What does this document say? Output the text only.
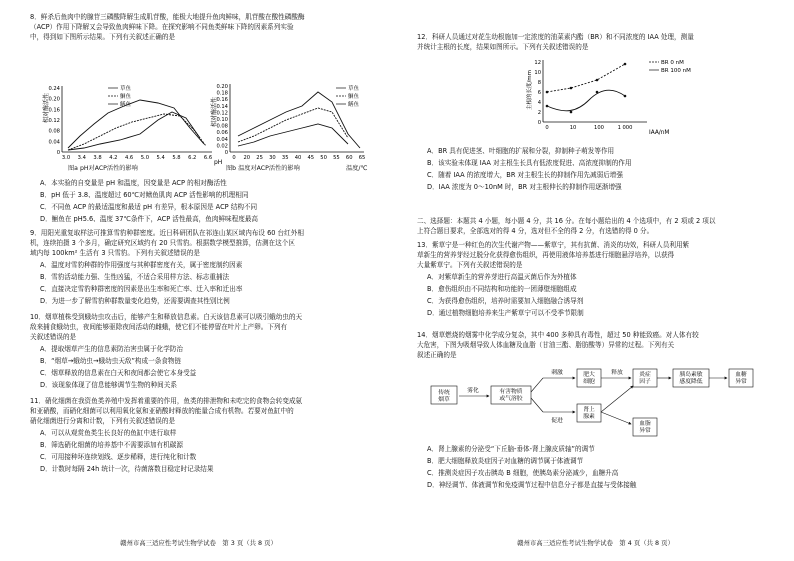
8．鲜杀后鱼肉中的腺苷三磷酸降解生成肌苷酸，能极大地提升鱼肉鲜味，肌苷酸在酸性磷酸酶
（ACP）作用下降解又会导致鱼肉鲜味下降。在探究影响不同鱼类鲜味下降的因素系列实验
中，得到如下图所示结果。下列有关叙述正确的是
0.24
0.20
0.16
0.12
0.08
0.04
0
3.0 3.4 3.8 4.2 4.6 5.0 5.4 5.8 6.2 6.6
相对酶活性
pH
草鱼
鮰鱼
鳝鱼
图a pH对ACP活性的影响
0.20
0.18
0.16
0.14
0.12
0.10
0.08
0.06
0.04
0.02
0
0 20 25 30 35 40 45 50 55 60 65
相对酶活性
草鱼
鮰鱼
鳝鱼
图b 温度对ACP活性的影响	温度/℃
A．本实验的自变量是 pH 和温度，因变量是 ACP 的相对酶活性
B．pH 低于 3.8、温度超过 60℃对鳝鱼肌肉 ACP 活性影响的机理相同
C．不同鱼 ACP 的最适温度和最适 pH 有差异，根本原因是 ACP 结构不同
D．鮰鱼在 pH5.6、温度 37℃条件下，ACP 活性最高，鱼肉鲜味程度最高
9．用阳光重复取样法可推算雪豹种群密度。近日科研团队在祁连山某区域内布设 60 台红外相
机，连续拍摄 3 个多月，确定研究区域约有 20 只雪豹。根据数学模型推算，估测在这个区
域内每 100km² 生活有 3 只雪豹。下列有关叙述错误的是
A．温度对雪豹种群的作用强度与其种群密度有关，属于密度制约因素
B．雪豹活动能力强、生性凶猛，不适合采用样方法、标志重捕法
C．直接决定雪豹种群密度的因素是出生率和死亡率、迁入率和迁出率
D．为进一步了解雪豹种群数量变化趋势，还需要调查其性别比例
10．烟草植株受到蛾幼虫攻击后，能够产生和释放信息素。白天该信息素可以吸引蛾幼虫的天
敌来捕食蛾幼虫，夜间能够驱除夜间活动的雌蛾，使它们不能停留在叶片上产卵。下列有
关叙述错误的是
A．提取烟草产生的信息素防治害虫属于化学防治
B．“烟草→蛾幼虫→蛾幼虫天敌”构成一条食物链
C．烟草释放的信息素在白天和夜间都会使它本身受益
D．该现象体现了信息能够调节生物的种间关系
11．硝化细菌在我资鱼类养殖中发挥着重要的作用，鱼类的排泄物和未吃完的食物会转变成氨
和亚硝酸，而硝化细菌可以利用氧化氨和亚硝酸时释放的能量合成有机物。若要对鱼缸中的
硝化细菌进行分离和计数，下列有关叙述错误的是
A．可以从观赏鱼类生长良好的鱼缸中进行取样
B．筛选硝化细菌的培养基中不需要添加有机碳源
C．可用接种环连续划线、逐步稀释，进行纯化和计数
D．计数时每隔 24h 统计一次，待菌落数目稳定时记录结果
赣州市高三适应性考试生物学试卷　第 3 页（共 8 页）
12．科研人员通过对花生幼根施加一定浓度的油菜素内酯（BR）和不同浓度的 IAA 处理，测量
并统计主根的长度，结果如图所示。下列有关叙述错误的是
12
10
8
6
4
2
0
0	10	100	1 000
主根的长度/mm
IAA/nM
BR 0 nM
BR 100 nM
A．BR 具有促进茎、叶细胞的扩展和分裂，抑制种子萌发等作用
B．该实验未体现 IAA 对主根生长具有低浓度促进、高浓度抑制的作用
C．随着 IAA 的浓度增大，BR 对主根生长的抑制作用先减弱后增强
D．IAA 浓度为 0～10nM 时，BR 对主根伸长的抑制作用逐渐增强
二、选择题：本题共 4 小题，每小题 4 分，共 16 分。在每小题给出的 4 个选项中，有 2 项或 2 项以
上符合题目要求，全部选对的得 4 分，选对但不全的得 2 分，有选错的得 0 分。
13．紫草宁是一种红色的次生代谢产物——紫草宁，其有抗菌、消炎的功效，科研人员利用紫
草新生的营养芽经过脱分化获得愈伤组织，再使用液体培养基进行细胞悬浮培养，以获得
大量紫草宁。下列有关叙述错误的是
A．对紫草新生的营养芽进行高温灭菌后作为外植体
B．愈伤组织由不同结构和功能的一团薄壁细胞组成
C．为获得愈伤组织，培养时需要加入细胞融合诱导剂
D．通过植物细胞培养来生产紫草宁可以不受季节限制
14．烟草燃烧的烟雾中化学成分复杂，其中 400 多种具有毒性，超过 50 种能致癌。对人体有较
大危害，下图为吸烟导致人体血糖及血脂（甘油三酯、脂肪酸等）异常的过程。下列有关
叙述正确的是
传统烟草
雾化	有害物质或气溶胶
刺激	肥大细胞
释放	炎症因子
胰岛素敏感度降低
血糖异常
促进
肾上腺素
血脂异常
A．肾上腺素的分泌受“下丘脑-垂体-肾上腺皮质轴”的调节
B．肥大细胞释放炎症因子对血糖的调节属于体液调节
C．推测炎症因子攻击胰岛 B 细胞，使胰岛素分泌减少，血糖升高
D．神经调节、体液调节和免疫调节过程中信息分子都是直接与受体接触
赣州市高三适应性考试生物学试卷　第 4 页（共 8 页）
